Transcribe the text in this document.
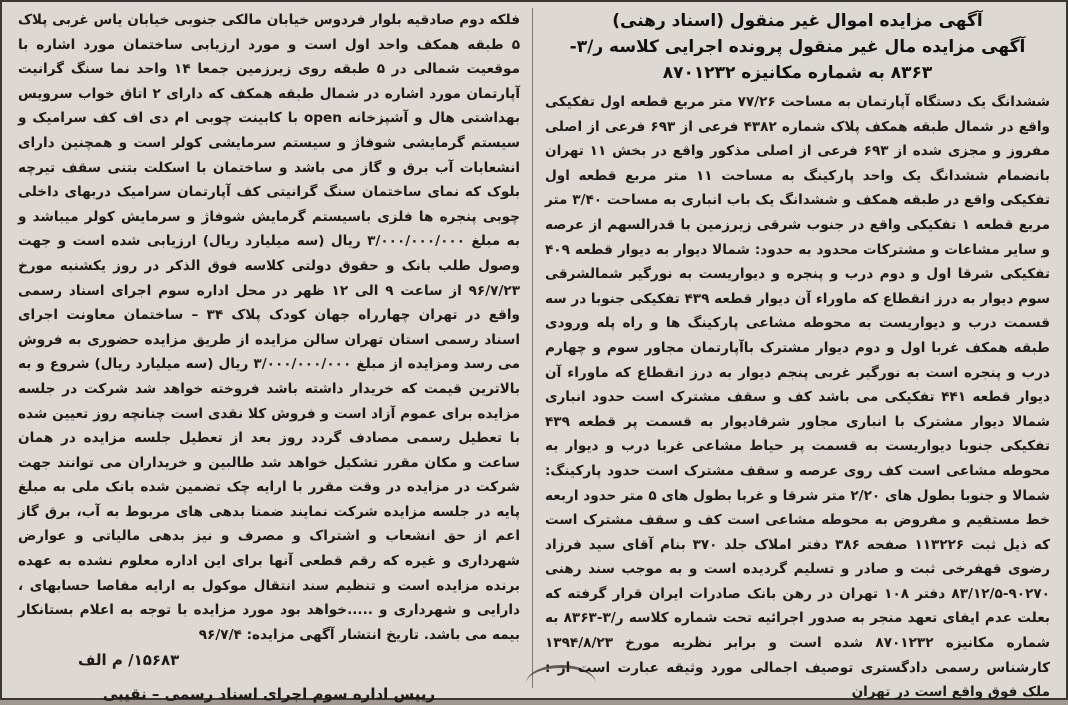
آگهی مزایده اموال غیر منقول (اسناد رهنی)
آگهی مزایده مال غیر منقول پرونده اجرایی کلاسه ر/۳-
۸۳۶۳ به شماره مکانیزه ۸۷۰۱۲۳۲

ششدانگ یک دستگاه آپارتمان به مساحت ۷۷/۲۶ متر مربع قطعه اول تفکیکی واقع در شمال طبقه همکف پلاک شماره ۴۳۸۲ فرعی از ۶۹۳ فرعی از اصلی مفروز و مجزی شده از ۶۹۳ فرعی از اصلی مذکور واقع در بخش ۱۱ تهران بانضمام ششدانگ یک واحد پارکینگ به مساحت ۱۱ متر مربع قطعه اول تفکیکی واقع در طبقه همکف و ششدانگ یک باب انباری به مساحت ۳/۴۰ متر مربع قطعه ۱ تفکیکی واقع در جنوب شرقی زیرزمین با قدرالسهم از عرصه و سایر مشاعات و مشترکات محدود به حدود: شمالا دیوار به دیوار قطعه ۴۰۹ تفکیکی شرقا اول و دوم درب و پنجره و دیواریست به نورگیر شمالشرقی سوم دیوار به درز انقطاع که ماوراء آن دیوار قطعه ۴۳۹ تفکیکی جنوبا در سه قسمت درب و دیواریست به محوطه مشاعی پارکینگ ها و راه پله ورودی طبقه همکف غربا اول و دوم دیوار مشترک باآپارتمان مجاور سوم و چهارم درب و پنجره است به نورگیر غربی پنجم دیوار به درز انقطاع که ماوراء آن دیوار قطعه ۴۴۱ تفکیکی می باشد کف و سقف مشترک است حدود انباری شمالا دیوار مشترک با انباری مجاور شرقادیوار به قسمت پر قطعه ۴۳۹ تفکیکی جنوبا دیواریست به قسمت پر حیاط مشاعی غربا درب و دیوار به محوطه مشاعی است کف روی عرصه و سقف مشترک است حدود پارکینگ: شمالا و جنوبا بطول های ۲/۲۰ متر شرقا و غربا بطول های ۵ متر حدود اربعه خط مستقیم و مفروض به محوطه مشاعی است کف و سقف مشترک است که ذیل ثبت ۱۱۳۲۲۶ صفحه ۳۸۶ دفتر املاک جلد ۳۷۰ بنام آقای سید فرزاد رضوی قهفرخی ثبت و صادر و تسلیم گردیده است و به موجب سند رهنی ۹۰۲۷۰-۸۳/۱۲/۵ دفتر ۱۰۸ تهران در رهن بانک صادرات ایران قرار گرفته که بعلت عدم ایفای تعهد منجر به صدور اجرائیه تحت شماره کلاسه ر/۳-۸۳۶۳ به شماره مکانیزه ۸۷۰۱۲۳۲ شده است و برابر نظریه مورخ ۱۳۹۴/۸/۲۳ کارشناس رسمی دادگستری توصیف اجمالی مورد وثیقه عبارت است از : ملک فوق واقع است در تهران

فلکه دوم صادقیه بلوار فردوس خیابان مالکی جنوبی خیابان یاس غربی پلاک ۵ طبقه همکف واحد اول است و مورد ارزیابی ساختمان مورد اشاره با موقعیت شمالی در ۵ طبقه روی زیرزمین جمعا ۱۴ واحد نما سنگ گرانیت آپارتمان مورد اشاره در شمال طبقه همکف که دارای ۲ اتاق خواب سرویس بهداشتی هال و آشپزخانه open با کابینت چوبی ام دی اف کف سرامیک و سیستم گرمایشی شوفاژ و سیستم سرمایشی کولر است و همچنین دارای انشعابات آب برق و گاز می باشد و ساختمان با اسکلت بتنی سقف تیرچه بلوک که نمای ساختمان سنگ گرانیتی کف آپارتمان سرامیک دربهای داخلی چوبی پنجره ها فلزی باسیستم گرمایش شوفاژ و سرمایش کولر میباشد و به مبلغ ۳/۰۰۰/۰۰۰/۰۰۰ ریال (سه میلیارد ریال) ارزیابی شده است و جهت وصول طلب بانک و حقوق دولتی کلاسه فوق الذکر در روز یکشنبه مورخ ۹۶/۷/۲۳ از ساعت ۹ الی ۱۲ ظهر در محل اداره سوم اجرای اسناد رسمی واقع در تهران چهارراه جهان کودک پلاک ۳۴ – ساختمان معاونت اجرای اسناد رسمی استان تهران سالن مزایده از طریق مزایده حضوری به فروش می رسد ومزایده از مبلغ ۳/۰۰۰/۰۰۰/۰۰۰ ریال (سه میلیارد ریال) شروع و به بالاترین قیمت که خریدار داشته باشد فروخته خواهد شد شرکت در جلسه مزایده برای عموم آزاد است و فروش کلا نقدی است چنانچه روز تعیین شده با تعطیل رسمی مصادف گردد روز بعد از تعطیل جلسه مزایده در همان ساعت و مکان مقرر تشکیل خواهد شد طالبین و خریداران می توانند جهت شرکت در مزایده در وقت مقرر با ارایه چک تضمین شده بانک ملی به مبلغ پایه در جلسه مزایده شرکت نمایند ضمنا بدهی های مربوط به آب، برق گاز اعم از حق انشعاب و اشتراک و مصرف و نیز بدهی مالیاتی و عوارض شهرداری و غیره که رقم قطعی آنها برای این اداره معلوم نشده به عهده برنده مزایده است و تنظیم سند انتقال موکول به ارایه مفاصا حسابهای ، دارایی و شهرداری و .....خواهد بود مورد مزایده با توجه به اعلام بستانکار بیمه می باشد. تاریخ انتشار آگهی مزایده: ۹۶/۷/۴

۱۵۶۸۳/ م الف
رییس اداره سوم اجرای اسناد رسمی – نقیبی
